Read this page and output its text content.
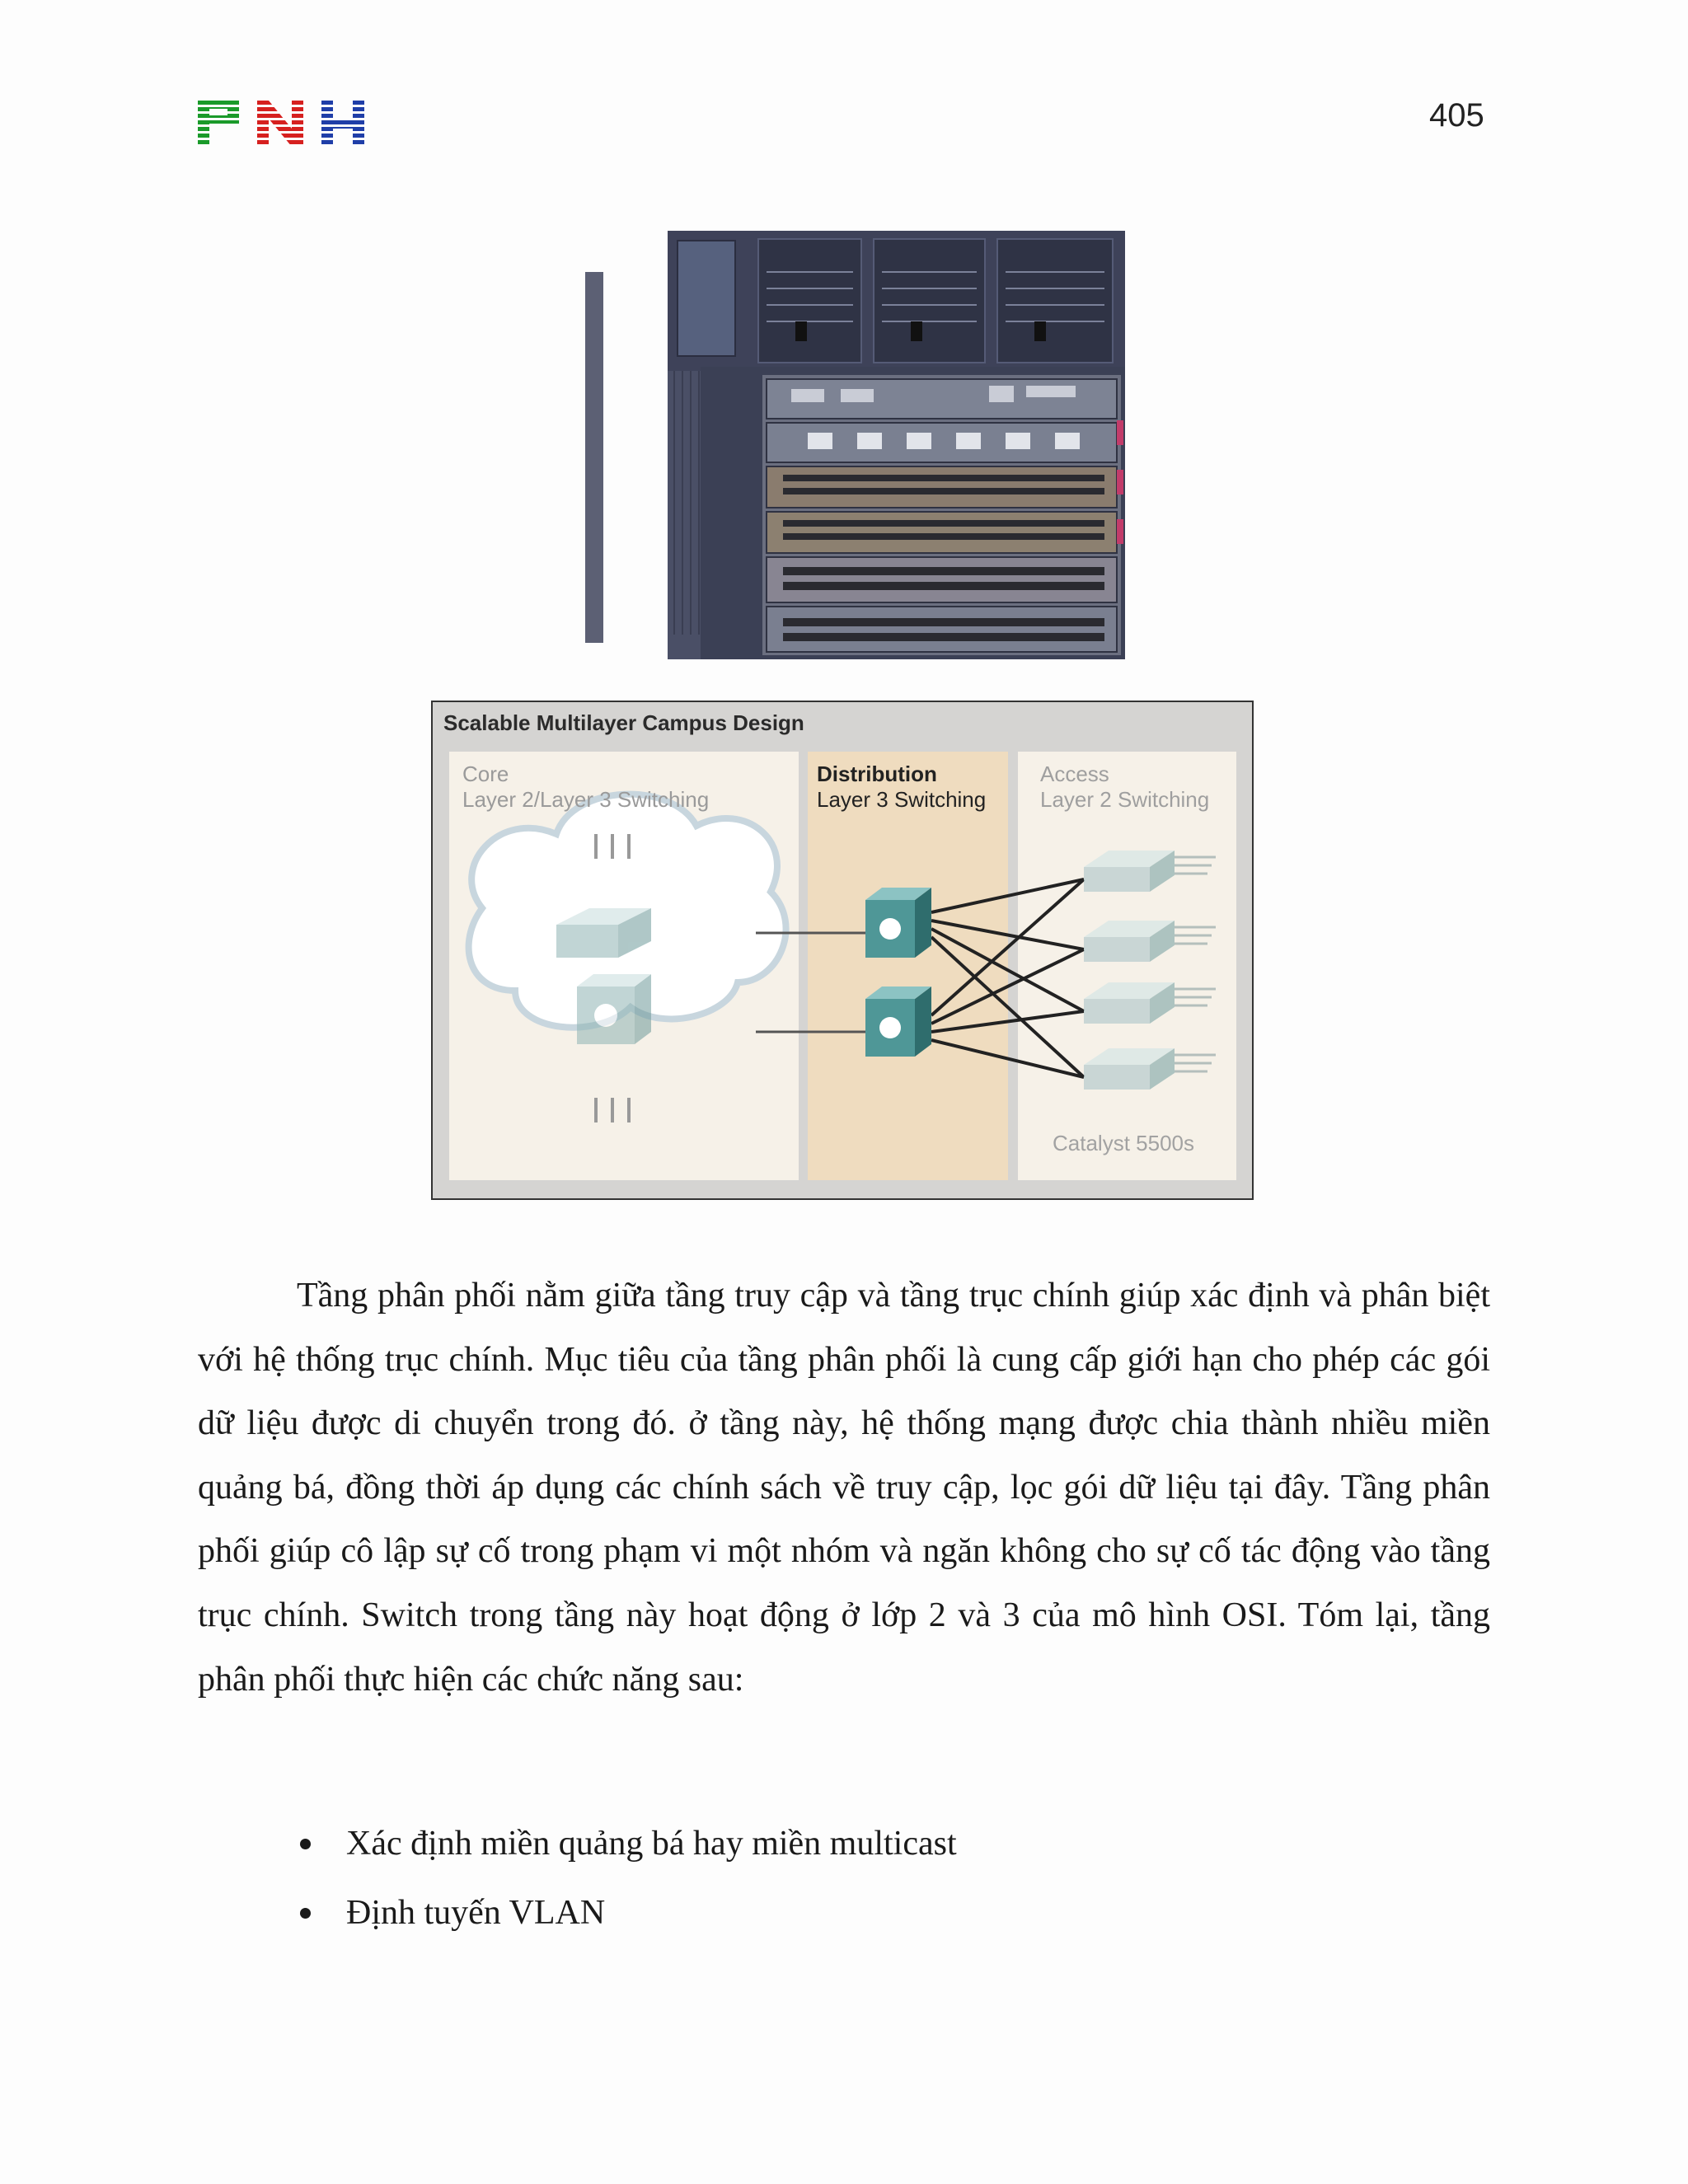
405
Scalable Multilayer Campus Design
Core
Layer 2/Layer 3 Switching
Distribution
Layer 3 Switching
Access
Layer 2 Switching
Catalyst 5500s

Tầng phân phối nằm giữa tầng truy cập và tầng trục chính giúp xác định và phân biệt với hệ thống trục chính. Mục tiêu của tầng phân phối là cung cấp giới hạn cho phép các gói dữ liệu được di chuyển trong đó. ở tầng này, hệ thống mạng được chia thành nhiều miền quảng bá, đồng thời áp dụng các chính sách về truy cập, lọc gói dữ liệu tại đây. Tầng phân phối giúp cô lập sự cố trong phạm vi một nhóm và ngăn không cho sự cố tác động vào tầng trục chính. Switch trong tầng này hoạt động ở lớp 2 và 3 của mô hình OSI. Tóm lại, tầng phân phối thực hiện các chức năng sau:

Xác định miền quảng bá hay miền multicast
Định tuyến VLAN
